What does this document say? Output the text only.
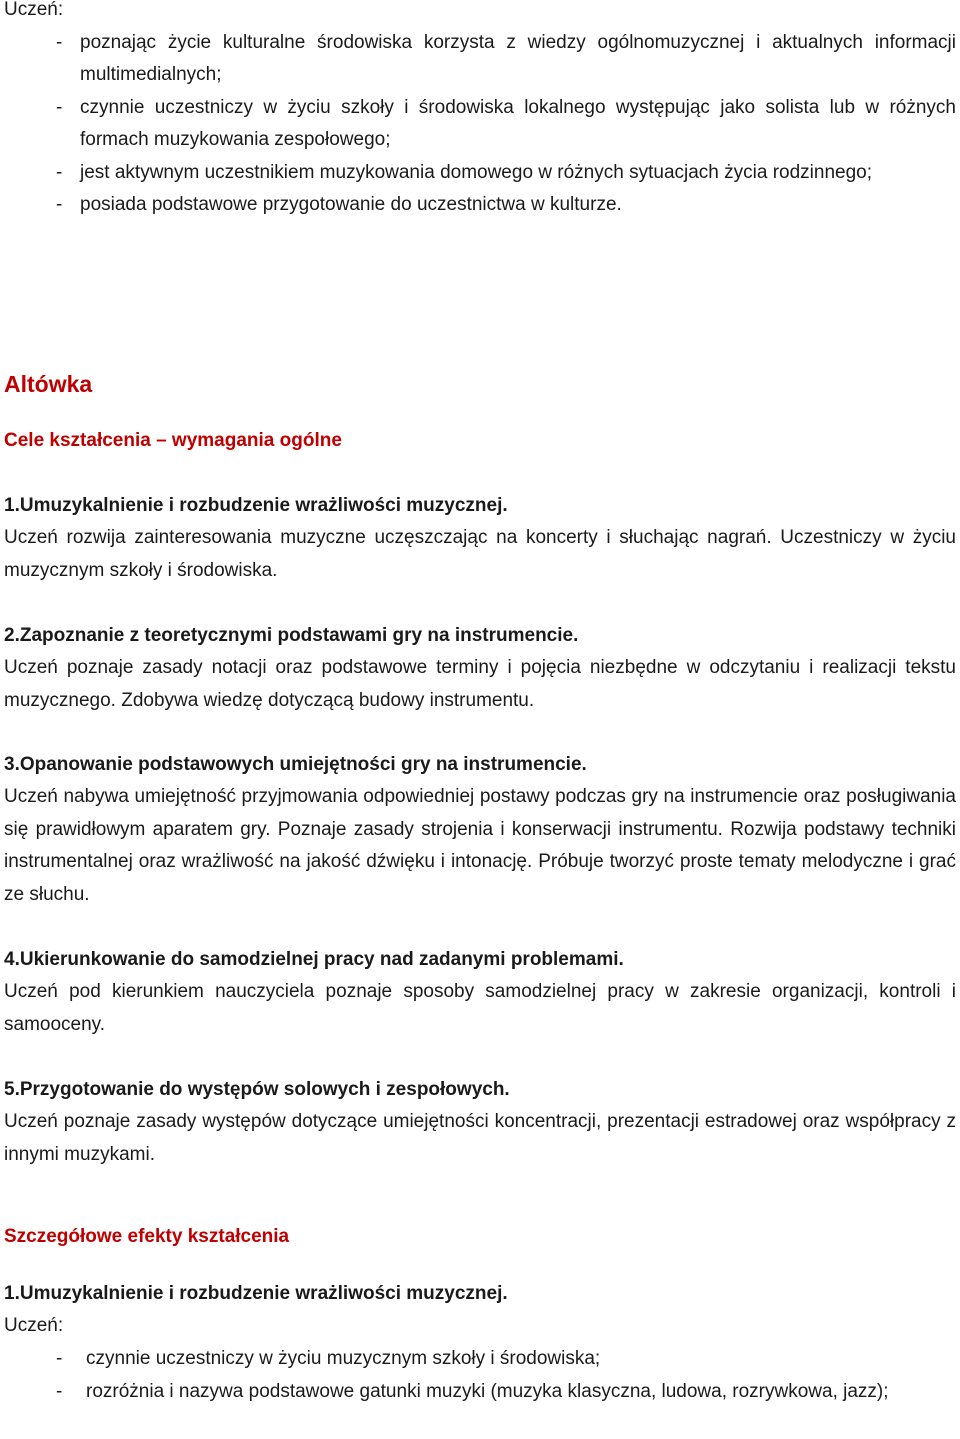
Uczeń:

- poznając życie kulturalne środowiska korzysta z wiedzy ogólnomuzycznej i aktualnych informacji multimedialnych;
- czynnie uczestniczy w życiu szkoły i środowiska lokalnego występując jako solista lub w różnych formach muzykowania zespołowego;
- jest aktywnym uczestnikiem muzykowania domowego w różnych sytuacjach życia rodzinnego;
- posiada podstawowe przygotowanie do uczestnictwa w kulturze.

Altówka

Cele kształcenia – wymagania ogólne

1.Umuzykalnienie i rozbudzenie wrażliwości muzycznej.

Uczeń rozwija zainteresowania muzyczne uczęszczając na koncerty i słuchając nagrań. Uczestniczy w życiu muzycznym szkoły i środowiska.

2.Zapoznanie z teoretycznymi podstawami gry na instrumencie.

Uczeń poznaje zasady notacji oraz podstawowe terminy i pojęcia niezbędne w odczytaniu i realizacji tekstu muzycznego. Zdobywa wiedzę dotyczącą budowy instrumentu.

3.Opanowanie podstawowych umiejętności gry na instrumencie.

Uczeń nabywa umiejętność przyjmowania odpowiedniej postawy podczas gry na instrumencie oraz posługiwania się prawidłowym aparatem gry. Poznaje zasady strojenia i konserwacji instrumentu. Rozwija podstawy techniki instrumentalnej oraz wrażliwość na jakość dźwięku i intonację. Próbuje tworzyć proste tematy melodyczne i grać ze słuchu.

4.Ukierunkowanie do samodzielnej pracy nad zadanymi problemami.

Uczeń pod kierunkiem nauczyciela poznaje sposoby samodzielnej pracy w zakresie organizacji, kontroli i samooceny.

5.Przygotowanie do występów solowych i zespołowych.

Uczeń poznaje zasady występów dotyczące umiejętności koncentracji, prezentacji estradowej oraz współpracy z innymi muzykami.

Szczegółowe efekty kształcenia

1.Umuzykalnienie i rozbudzenie wrażliwości muzycznej.

Uczeń:

- czynnie uczestniczy w życiu muzycznym szkoły i środowiska;
- rozróżnia i nazywa podstawowe gatunki muzyki (muzyka klasyczna, ludowa, rozrywkowa, jazz);
